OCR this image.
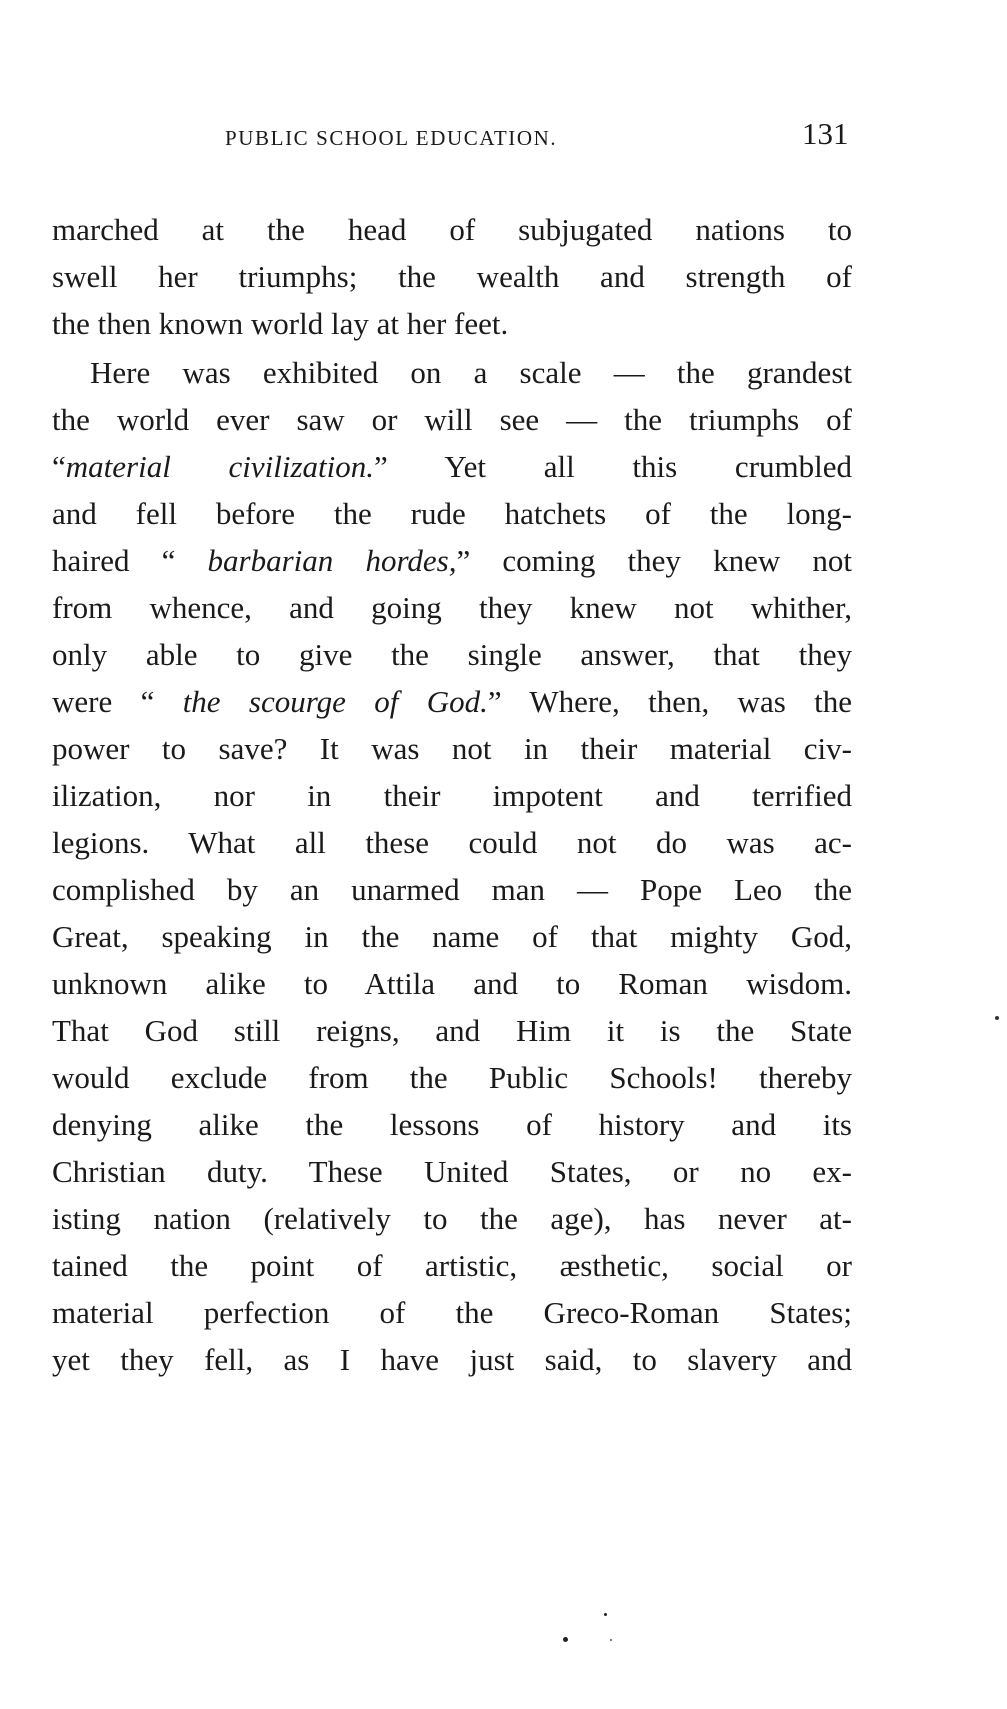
PUBLIC SCHOOL EDUCATION.	131
marched at the head of subjugated nations to
swell her triumphs; the wealth and strength of
the then known world lay at her feet.
Here was exhibited on a scale — the grandest
the world ever saw or will see — the triumphs of
“material civilization.” Yet all this crumbled
and fell before the rude hatchets of the long-
haired “ barbarian hordes,” coming they knew not
from whence, and going they knew not whither,
only able to give the single answer, that they
were “ the scourge of God.” Where, then, was the
power to save? It was not in their material civ-
ilization, nor in their impotent and terrified
legions. What all these could not do was ac-
complished by an unarmed man — Pope Leo the
Great, speaking in the name of that mighty God,
unknown alike to Attila and to Roman wisdom.
That God still reigns, and Him it is the State
would exclude from the Public Schools! thereby
denying alike the lessons of history and its
Christian duty. These United States, or no ex-
isting nation (relatively to the age), has never at-
tained the point of artistic, æsthetic, social or
material perfection of the Greco-Roman States;
yet they fell, as I have just said, to slavery and
